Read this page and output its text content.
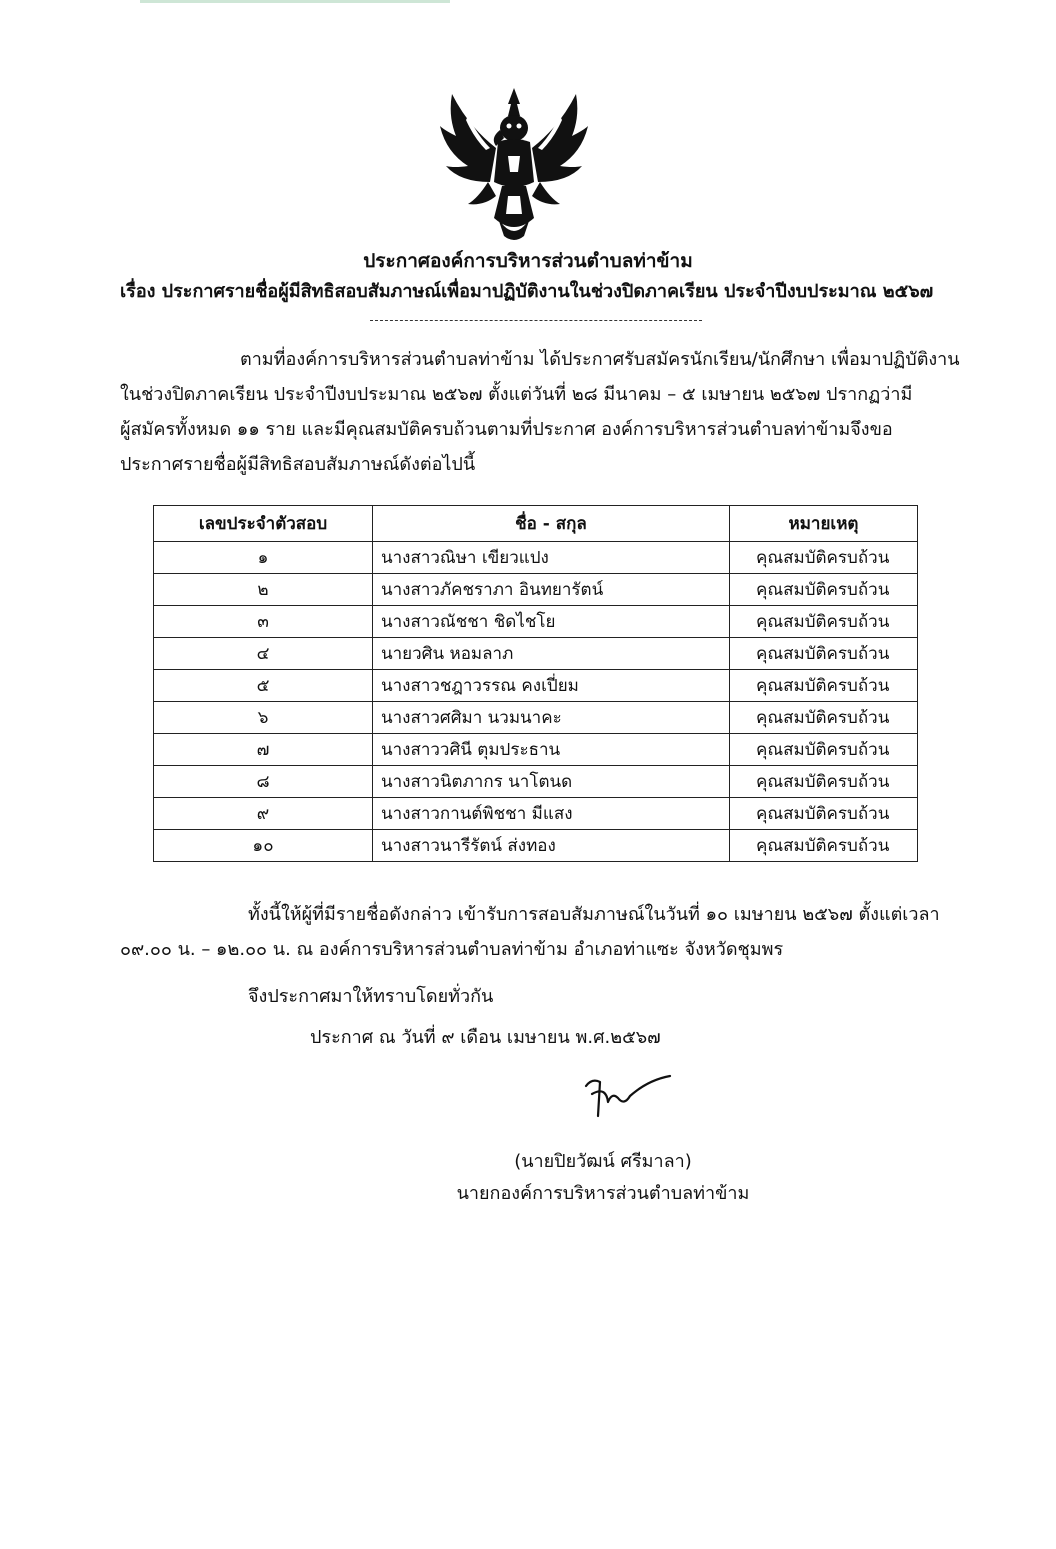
ประกาศองค์การบริหารส่วนตำบลท่าข้าม
เรื่อง ประกาศรายชื่อผู้มีสิทธิสอบสัมภาษณ์เพื่อมาปฏิบัติงานในช่วงปิดภาคเรียน ประจำปีงบประมาณ ๒๕๖๗
ตามที่องค์การบริหารส่วนตำบลท่าข้าม ได้ประกาศรับสมัครนักเรียน/นักศึกษา เพื่อมาปฏิบัติงาน
ในช่วงปิดภาคเรียน ประจำปีงบประมาณ ๒๕๖๗ ตั้งแต่วันที่ ๒๘ มีนาคม – ๕ เมษายน ๒๕๖๗ ปรากฏว่ามี
ผู้สมัครทั้งหมด ๑๑ ราย และมีคุณสมบัติครบถ้วนตามที่ประกาศ องค์การบริหารส่วนตำบลท่าข้ามจึงขอ
ประกาศรายชื่อผู้มีสิทธิสอบสัมภาษณ์ดังต่อไปนี้
เลขประจำตัวสอบ	ชื่อ - สกุล	หมายเหตุ
๑	นางสาวณิษา เขียวแปง	คุณสมบัติครบถ้วน
๒	นางสาวภัคชราภา อินทยารัตน์	คุณสมบัติครบถ้วน
๓	นางสาวณัชชา ชิดไชโย	คุณสมบัติครบถ้วน
๔	นายวศิน หอมลาภ	คุณสมบัติครบถ้วน
๕	นางสาวชฎาวรรณ คงเปี่ยม	คุณสมบัติครบถ้วน
๖	นางสาวศศิมา นวมนาคะ	คุณสมบัติครบถ้วน
๗	นางสาววศินี ตุมประธาน	คุณสมบัติครบถ้วน
๘	นางสาวนิตภากร นาโตนด	คุณสมบัติครบถ้วน
๙	นางสาวกานต์พิชชา มีแสง	คุณสมบัติครบถ้วน
๑๐	นางสาวนารีรัตน์ ส่งทอง	คุณสมบัติครบถ้วน
ทั้งนี้ให้ผู้ที่มีรายชื่อดังกล่าว เข้ารับการสอบสัมภาษณ์ในวันที่ ๑๐ เมษายน ๒๕๖๗ ตั้งแต่เวลา
๐๙.๐๐ น. – ๑๒.๐๐ น. ณ องค์การบริหารส่วนตำบลท่าข้าม อำเภอท่าแซะ จังหวัดชุมพร
จึงประกาศมาให้ทราบโดยทั่วกัน
ประกาศ ณ วันที่ ๙ เดือน เมษายน พ.ศ.๒๕๖๗
(นายปิยวัฒน์ ศรีมาลา)
นายกองค์การบริหารส่วนตำบลท่าข้าม
